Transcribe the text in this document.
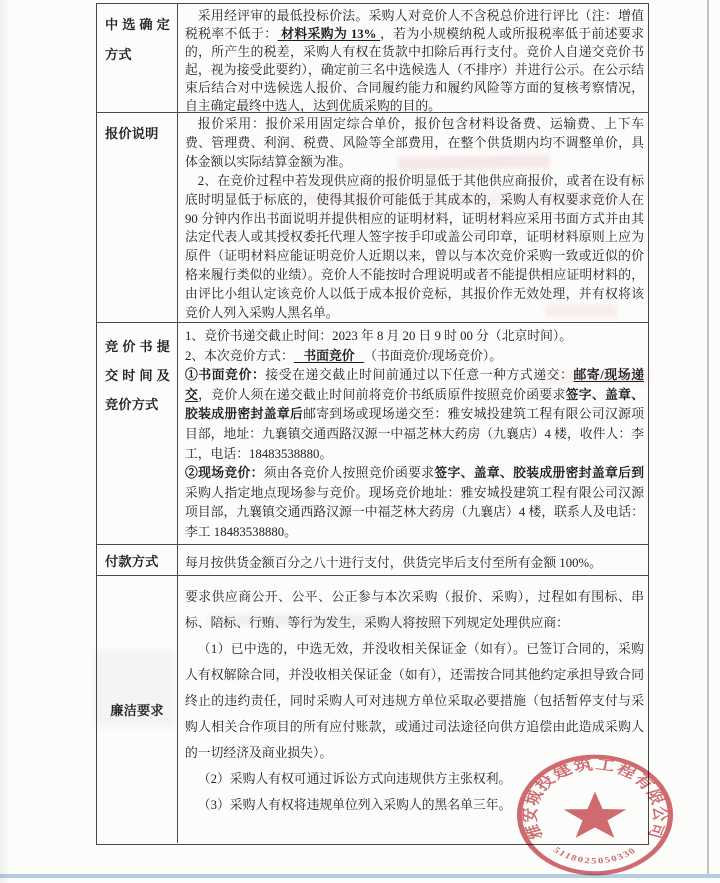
中选确定方式

采用经评审的最低投标价法。采购人对竞价人不含税总价进行评比（注：增值税税率不低于： 材料采购为 13% ，若为小规模纳税人或所报税率低于前述要求的，所产生的税差，采购人有权在货款中扣除后再行支付。竞价人自递交竞价书起，视为接受此要约），确定前三名中选候选人（不排序）并进行公示。在公示结束后结合对中选候选人报价、合同履约能力和履约风险等方面的复核考察情况，自主确定最终中选人，达到优质采购的目的。

报价说明

报价采用：报价采用固定综合单价，报价包含材料设备费、运输费、上下车费、管理费、利润、税费、风险等全部费用，在整个供货期内均不调整单价，具体金额以实际结算金额为准。

2、在竞价过程中若发现供应商的报价明显低于其他供应商报价，或者在设有标底时明显低于标底的，使得其报价可能低于其成本的，采购人有权要求竞价人在 90 分钟内作出书面说明并提供相应的证明材料，证明材料应采用书面方式并由其法定代表人或其授权委托代理人签字按手印或盖公司印章，证明材料原则上应为原件（证明材料应能证明竞价人近期以来，曾以与本次竞价采购一致或近似的价格来履行类似的业绩）。竞价人不能按时合理说明或者不能提供相应证明材料的，由评比小组认定该竞价人以低于成本报价竞标，其报价作无效处理，并有权将该竞价人列入采购人黑名单。

竞价书提交时间及竞价方式

1、竞价书递交截止时间：2023 年 8 月 20 日 9 时 00 分（北京时间）。

2、本次竞价方式：   书面竞价   （书面竞价/现场竞价）。

①书面竞价：接受在递交截止时间前通过以下任意一种方式递交：邮寄/现场递交，竞价人须在递交截止时间前将竞价书纸质原件按照竞价函要求签字、盖章、胶装成册密封盖章后邮寄到场或现场递交至：雅安城投建筑工程有限公司汉源项目部，地址：九襄镇交通西路汉源一中福芝林大药房（九襄店）4 楼，收件人：李工，电话：18483538880。

②现场竞价：须由各竞价人按照竞价函要求签字、盖章、胶装成册密封盖章后到采购人指定地点现场参与竞价。现场竞价地址：雅安城投建筑工程有限公司汉源项目部，九襄镇交通西路汉源一中福芝林大药房（九襄店）4 楼，联系人及电话：李工 18483538880。

付款方式 每月按供货金额百分之八十进行支付，供货完毕后支付至所有金额 100%。

廉洁要求

要求供应商公开、公平、公正参与本次采购（报价、采购），过程如有围标、串标、陪标、行贿、等行为发生，采购人将按照下列规定处理供应商：

（1）已中选的，中选无效，并没收相关保证金（如有）。已签订合同的，采购人有权解除合同，并没收相关保证金（如有），还需按合同其他约定承担导致合同终止的违约责任，同时采购人可对违规方单位采取必要措施（包括暂停支付与采购人相关合作项目的所有应付账款，或通过司法途径向供方追偿由此造成采购人的一切经济及商业损失）。

（2）采购人有权可通过诉讼方式向违规供方主张权利。

（3）采购人有权将违规单位列入采购人的黑名单三年。

雅安城投建筑工程有限公司
5118025050330
